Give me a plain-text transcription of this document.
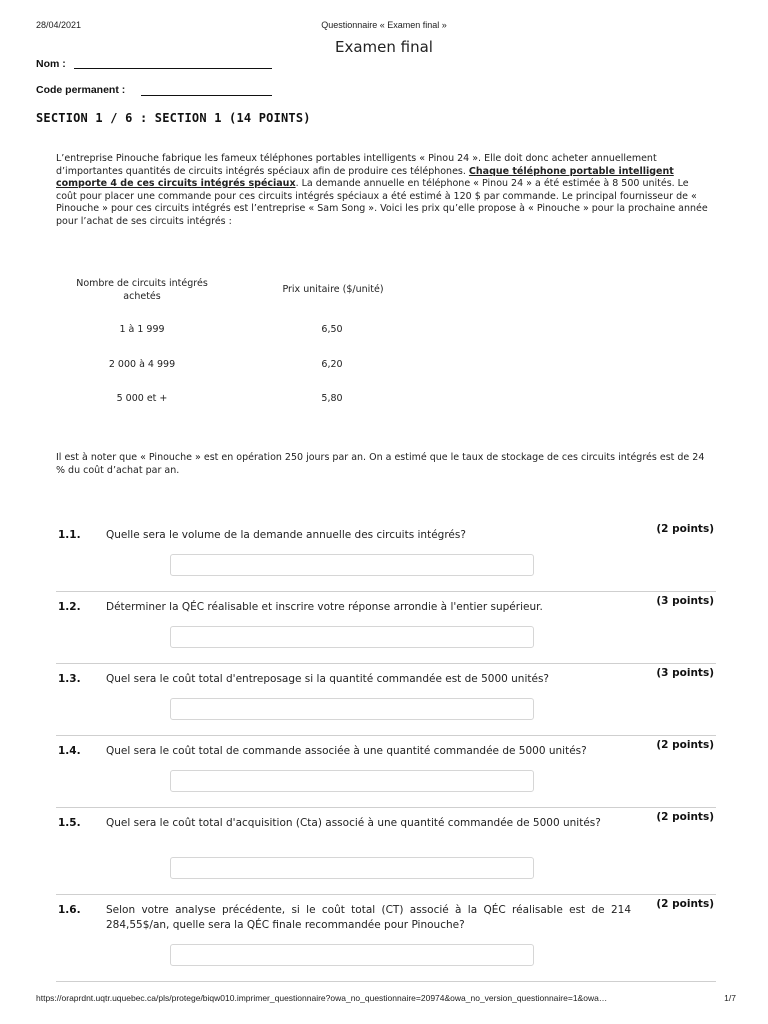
28/04/2021	Questionnaire « Examen final »
Examen final
Nom :
Code permanent :
SECTION 1 / 6 : SECTION 1 (14 POINTS)
L’entreprise Pinouche fabrique les fameux téléphones portables intelligents « Pinou 24 ». Elle doit donc acheter annuellement d’importantes quantités de circuits intégrés spéciaux afin de produire ces téléphones. Chaque téléphone portable intelligent comporte 4 de ces circuits intégrés spéciaux. La demande annuelle en téléphone « Pinou 24 » a été estimée à 8 500 unités. Le coût pour placer une commande pour ces circuits intégrés spéciaux a été estimé à 120 $ par commande. Le principal fournisseur de « Pinouche » pour ces circuits intégrés est l’entreprise « Sam Song ». Voici les prix qu’elle propose à « Pinouche » pour la prochaine année pour l’achat de ses circuits intégrés :
Nombre de circuits intégrés achetés
Prix unitaire ($/unité)
1 à 1 999	6,50
2 000 à 4 999	6,20
5 000 et +	5,80
Il est à noter que « Pinouche » est en opération 250 jours par an. On a estimé que le taux de stockage de ces circuits intégrés est de 24 % du coût d’achat par an.
1.1. Quelle sera le volume de la demande annuelle des circuits intégrés?	(2 points)
1.2. Déterminer la QÉC réalisable et inscrire votre réponse arrondie à l'entier supérieur.	(3 points)
1.3. Quel sera le coût total d'entreposage si la quantité commandée est de 5000 unités?	(3 points)
1.4. Quel sera le coût total de commande associée à une quantité commandée de 5000 unités?	(2 points)
1.5. Quel sera le coût total d'acquisition (Cta) associé à une quantité commandée de 5000 unités?	(2 points)
1.6. Selon votre analyse précédente, si le coût total (CT) associé à la QÉC réalisable est de 214 284,55$/an, quelle sera la QÉC finale recommandée pour Pinouche?
(2 points)
https://oraprdnt.uqtr.uquebec.ca/pls/protege/biqw010.imprimer_questionnaire?owa_no_questionnaire=20974&owa_no_version_questionnaire=1&owa…	1/7
